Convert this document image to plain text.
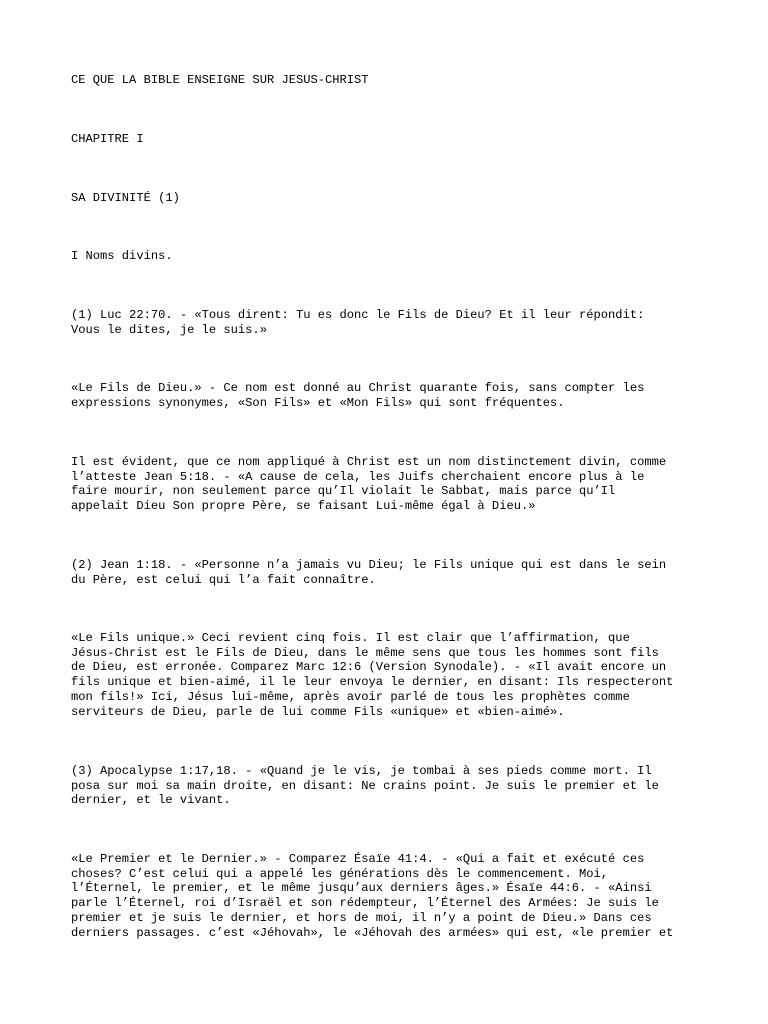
CE QUE LA BIBLE ENSEIGNE SUR JESUS-CHRIST

CHAPITRE I

SA DIVINITÉ (1)

I Noms divins.

(1) Luc 22:70. - «Tous dirent: Tu es donc le Fils de Dieu? Et il leur répondit:
Vous le dites, je le suis.»

«Le Fils de Dieu.» - Ce nom est donné au Christ quarante fois, sans compter les
expressions synonymes, «Son Fils» et «Mon Fils» qui sont fréquentes.

Il est évident, que ce nom appliqué à Christ est un nom distinctement divin, comme
l’atteste Jean 5:18. - «A cause de cela, les Juifs cherchaient encore plus à le
faire mourir, non seulement parce qu’Il violait le Sabbat, mais parce qu’Il
appelait Dieu Son propre Père, se faisant Lui-même égal à Dieu.»

(2) Jean 1:18. - «Personne n’a jamais vu Dieu; le Fils unique qui est dans le sein
du Père, est celui qui l’a fait connaître.

«Le Fils unique.» Ceci revient cinq fois. Il est clair que l’affirmation, que
Jésus-Christ est le Fils de Dieu, dans le même sens que tous les hommes sont fils
de Dieu, est erronée. Comparez Marc 12:6 (Version Synodale). - «Il avait encore un
fils unique et bien-aimé, il le leur envoya le dernier, en disant: Ils respecteront
mon fils!» Ici, Jésus lui-même, après avoir parlé de tous les prophètes comme
serviteurs de Dieu, parle de lui comme Fils «unique» et «bien-aimé».

(3) Apocalypse 1:17,18. - «Quand je le vis, je tombai à ses pieds comme mort. Il
posa sur moi sa main droite, en disant: Ne crains point. Je suis le premier et le
dernier, et le vivant.

«Le Premier et le Dernier.» - Comparez Ésaïe 41:4. - «Qui a fait et exécuté ces
choses? C’est celui qui a appelé les générations dès le commencement. Moi,
l’Éternel, le premier, et le même jusqu’aux derniers âges.» Ésaïe 44:6. - «Ainsi
parle l’Éternel, roi d’Israël et son rédempteur, l’Éternel des Armées: Je suis le
premier et je suis le dernier, et hors de moi, il n’y a point de Dieu.» Dans ces
derniers passages. c’est «Jéhovah», le «Jéhovah des armées» qui est, «le premier et
